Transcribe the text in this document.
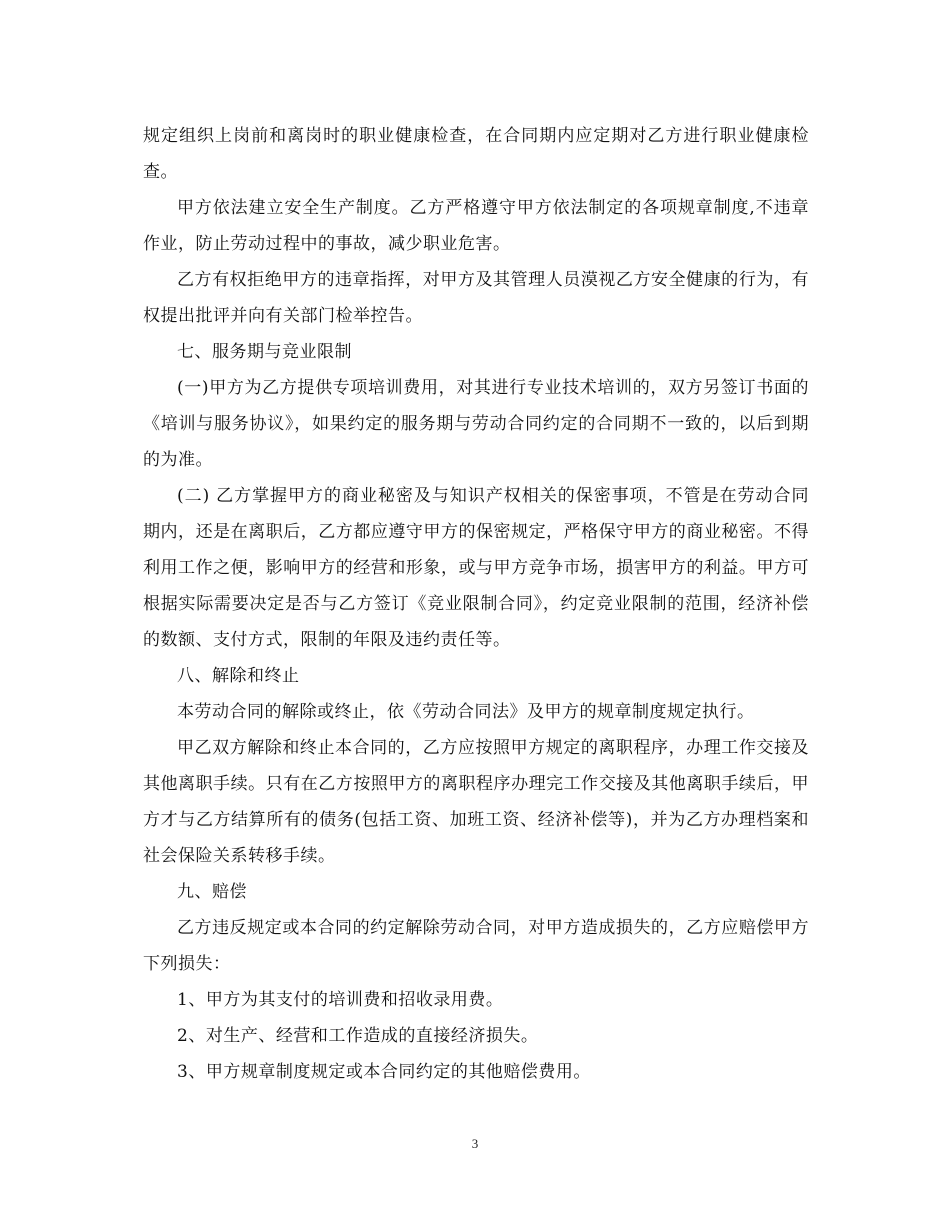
规定组织上岗前和离岗时的职业健康检查，在合同期内应定期对乙方进行职业健康检查。

甲方依法建立安全生产制度。乙方严格遵守甲方依法制定的各项规章制度,不违章作业，防止劳动过程中的事故，减少职业危害。

乙方有权拒绝甲方的违章指挥，对甲方及其管理人员漠视乙方安全健康的行为，有权提出批评并向有关部门检举控告。

七、服务期与竞业限制

(一)甲方为乙方提供专项培训费用，对其进行专业技术培训的，双方另签订书面的《培训与服务协议》，如果约定的服务期与劳动合同约定的合同期不一致的，以后到期的为准。

(二) 乙方掌握甲方的商业秘密及与知识产权相关的保密事项，不管是在劳动合同期内，还是在离职后，乙方都应遵守甲方的保密规定，严格保守甲方的商业秘密。不得利用工作之便，影响甲方的经营和形象，或与甲方竞争市场，损害甲方的利益。甲方可根据实际需要决定是否与乙方签订《竞业限制合同》，约定竞业限制的范围，经济补偿的数额、支付方式，限制的年限及违约责任等。

八、解除和终止

本劳动合同的解除或终止，依《劳动合同法》及甲方的规章制度规定执行。

甲乙双方解除和终止本合同的，乙方应按照甲方规定的离职程序，办理工作交接及其他离职手续。只有在乙方按照甲方的离职程序办理完工作交接及其他离职手续后，甲方才与乙方结算所有的债务(包括工资、加班工资、经济补偿等)，并为乙方办理档案和社会保险关系转移手续。

九、赔偿

乙方违反规定或本合同的约定解除劳动合同，对甲方造成损失的，乙方应赔偿甲方下列损失：

1、甲方为其支付的培训费和招收录用费。

2、对生产、经营和工作造成的直接经济损失。

3、甲方规章制度规定或本合同约定的其他赔偿费用。

3
